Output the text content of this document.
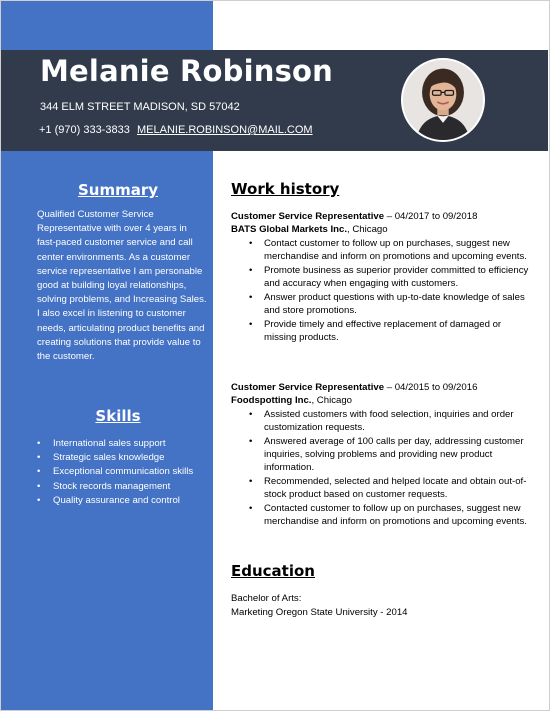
Melanie Robinson
344 ELM STREET MADISON, SD 57042
+1 (970) 333-3833 MELANIE.ROBINSON@MAIL.COM
Summary
Qualified Customer Service Representative with over 4 years in fast-paced customer service and call center environments. As a customer service representative I am personable good at building loyal relationships, solving problems, and Increasing Sales. I also excel in listening to customer needs, articulating product benefits and creating solutions that provide value to the customer.
Skills
• International sales support
• Strategic sales knowledge
• Exceptional communication skills
• Stock records management
• Quality assurance and control
Work history
Customer Service Representative – 04/2017 to 09/2018
BATS Global Markets Inc., Chicago
• Contact customer to follow up on purchases, suggest new merchandise and inform on promotions and upcoming events.
• Promote business as superior provider committed to efficiency and accuracy when engaging with customers.
• Answer product questions with up-to-date knowledge of sales and store promotions.
• Provide timely and effective replacement of damaged or missing products.
Customer Service Representative – 04/2015 to 09/2016
Foodspotting Inc., Chicago
• Assisted customers with food selection, inquiries and order customization requests.
• Answered average of 100 calls per day, addressing customer inquiries, solving problems and providing new product information.
• Recommended, selected and helped locate and obtain out-of-stock product based on customer requests.
• Contacted customer to follow up on purchases, suggest new merchandise and inform on promotions and upcoming events.
Education
Bachelor of Arts:
Marketing Oregon State University - 2014
